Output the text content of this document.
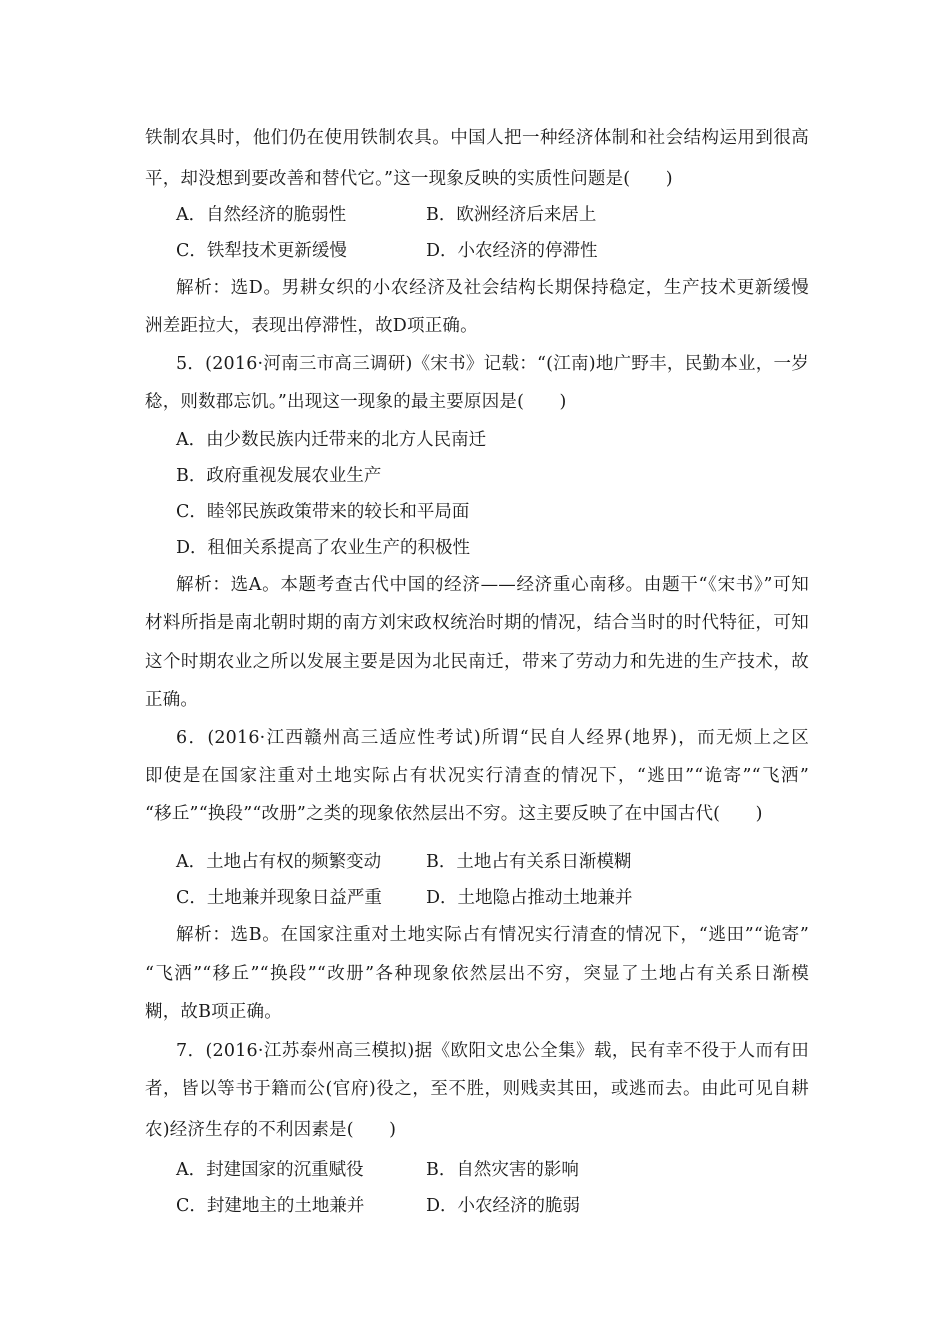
铁制农具时，他们仍在使用铁制农具。中国人把一种经济体制和社会结构运用到很高
平，却没想到要改善和替代它。”这一现象反映的实质性问题是(　　)
A．自然经济的脆弱性	B．欧洲经济后来居上
C．铁犁技术更新缓慢	D．小农经济的停滞性
解析：选D。男耕女织的小农经济及社会结构长期保持稳定，生产技术更新缓慢
洲差距拉大，表现出停滞性，故D项正确。
5．(2016·河南三市高三调研)《宋书》记载：“(江南)地广野丰，民勤本业，一岁
稔，则数郡忘饥。”出现这一现象的最主要原因是(　　)
A．由少数民族内迁带来的北方人民南迁
B．政府重视发展农业生产
C．睦邻民族政策带来的较长和平局面
D．租佃关系提高了农业生产的积极性
解析：选A。本题考查古代中国的经济——经济重心南移。由题干“《宋书》”可知
材料所指是南北朝时期的南方刘宋政权统治时期的情况，结合当时的时代特征，可知
这个时期农业之所以发展主要是因为北民南迁，带来了劳动力和先进的生产技术，故
正确。
6．(2016·江西赣州高三适应性考试)所谓“民自人经界(地界)，而无烦上之区
即使是在国家注重对土地实际占有状况实行清查的情况下，“逃田”“诡寄”“飞洒”
“移丘”“换段”“改册”之类的现象依然层出不穷。这主要反映了在中国古代(　　)
A．土地占有权的频繁变动	B．土地占有关系日渐模糊
C．土地兼并现象日益严重	D．土地隐占推动土地兼并
解析：选B。在国家注重对土地实际占有情况实行清查的情况下，“逃田”“诡寄”
“飞洒”“移丘”“换段”“改册”各种现象依然层出不穷，突显了土地占有关系日渐模
糊，故B项正确。
7．(2016·江苏泰州高三模拟)据《欧阳文忠公全集》载，民有幸不役于人而有田
者，皆以等书于籍而公(官府)役之，至不胜，则贱卖其田，或逃而去。由此可见自耕
农)经济生存的不利因素是(　　)
A．封建国家的沉重赋役	B．自然灾害的影响
C．封建地主的土地兼并	D．小农经济的脆弱
